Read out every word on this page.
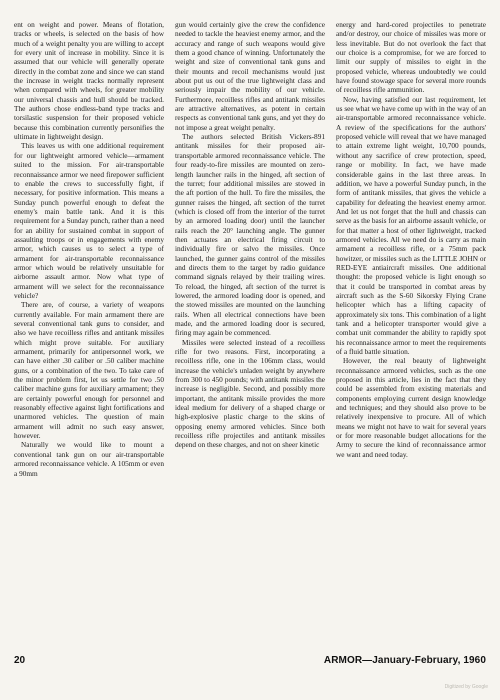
ent on weight and power. Means of flotation, tracks or wheels, is selected on the basis of how much of a weight penalty you are willing to accept for every unit of increase in mobility. Since it is assumed that our vehicle will generally operate directly in the combat zone and since we can stand the increase in weight tracks normally represent when compared with wheels, for greater mobility our universal chassis and hull should be tracked. The authors chose endless-band type tracks and torsilastic suspension for their proposed vehicle because this combination currently personifies the ultimate in lightweight design.

This leaves us with one additional requirement for our lightweight armored vehicle—armament suited to the mission. For air-transportable reconnaissance armor we need firepower sufficient to enable the crews to successfully fight, if necessary, for positive information. This means a Sunday punch powerful enough to defeat the enemy's main battle tank. And it is this requirement for a Sunday punch, rather than a need for an ability for sustained combat in support of assaulting troops or in engagements with enemy armor, which causes us to select a type of armament for air-transportable reconnaissance armor which would be relatively unsuitable for airborne assault armor. Now what type of armament will we select for the reconnaissance vehicle?

There are, of course, a variety of weapons currently available. For main armament there are several conventional tank guns to consider, and also we have recoilless rifles and antitank missiles which might prove suitable. For auxiliary armament, primarily for antipersonnel work, we can have either .30 caliber or .50 caliber machine guns, or a combination of the two. To take care of the minor problem first, let us settle for two .50 caliber machine guns for auxiliary armament; they are certainly powerful enough for personnel and reasonably effective against light fortifications and unarmored vehicles. The question of main armament will admit no such easy answer, however.

Naturally we would like to mount a conventional tank gun on our air-transportable armored reconnaissance vehicle. A 105mm or even a 90mm

gun would certainly give the crew the confidence needed to tackle the heaviest enemy armor, and the accuracy and range of such weapons would give them a good chance of winning. Unfortunately the weight and size of conventional tank guns and their mounts and recoil mechanisms would just about put us out of the true lightweight class and seriously impair the mobility of our vehicle. Furthermore, recoilless rifles and antitank missiles are attractive alternatives, as potent in certain respects as conventional tank guns, and yet they do not impose a great weight penalty.

The authors selected British Vickers-891 antitank missiles for their proposed air-transportable armored reconnaissance vehicle. The four ready-to-fire missiles are mounted on zero-length launcher rails in the hinged, aft section of the turret; four additional missiles are stowed in the aft portion of the hull. To fire the missiles, the gunner raises the hinged, aft section of the turret (which is closed off from the interior of the turret by an armored loading door) until the launcher rails reach the 20° launching angle. The gunner then actuates an electrical firing circuit to individually fire or salvo the missiles. Once launched, the gunner gains control of the missiles and directs them to the target by radio guidance command signals relayed by their trailing wires. To reload, the hinged, aft section of the turret is lowered, the armored loading door is opened, and the stowed missiles are mounted on the launching rails. When all electrical connections have been made, and the armored loading door is secured, firing may again be commenced.

Missiles were selected instead of a recoilless rifle for two reasons. First, incorporating a recoilless rifle, one in the 106mm class, would increase the vehicle's unladen weight by anywhere from 300 to 450 pounds; with antitank missiles the increase is negligible. Second, and possibly more important, the antitank missile provides the more ideal medium for delivery of a shaped charge or high-explosive plastic charge to the skins of opposing enemy armored vehicles. Since both recoilless rifle projectiles and antitank missiles depend on these charges, and not on sheer kinetic

energy and hard-cored projectiles to penetrate and/or destroy, our choice of missiles was more or less inevitable. But do not overlook the fact that our choice is a compromise, for we are forced to limit our supply of missiles to eight in the proposed vehicle, whereas undoubtedly we could have found stowage space for several more rounds of recoilless rifle ammunition.

Now, having satisfied our last requirement, let us see what we have come up with in the way of an air-transportable armored reconnaissance vehicle. A review of the specifications for the authors' proposed vehicle will reveal that we have managed to attain extreme light weight, 10,700 pounds, without any sacrifice of crew protection, speed, range or mobility. In fact, we have made considerable gains in the last three areas. In addition, we have a powerful Sunday punch, in the form of antitank missiles, that gives the vehicle a capability for defeating the heaviest enemy armor. And let us not forget that the hull and chassis can serve as the basis for an airborne assault vehicle, or for that matter a host of other lightweight, tracked armored vehicles. All we need do is carry as main armament a recoilless rifle, or a 75mm pack howitzer, or missiles such as the LITTLE JOHN or RED-EYE antiaircraft missiles. One additional thought: the proposed vehicle is light enough so that it could be transported in combat areas by aircraft such as the S-60 Sikorsky Flying Crane helicopter which has a lifting capacity of approximately six tons. This combination of a light tank and a helicopter transporter would give a combat unit commander the ability to rapidly spot his reconnaissance armor to meet the requirements of a fluid battle situation.

However, the real beauty of lightweight reconnaissance armored vehicles, such as the one proposed in this article, lies in the fact that they could be assembled from existing materials and components employing current design knowledge and techniques; and they should also prove to be relatively inexpensive to procure. All of which means we might not have to wait for several years or for more reasonable budget allocations for the Army to secure the kind of reconnaissance armor we want and need today.

20	ARMOR—January-February, 1960
Digitized by Google
